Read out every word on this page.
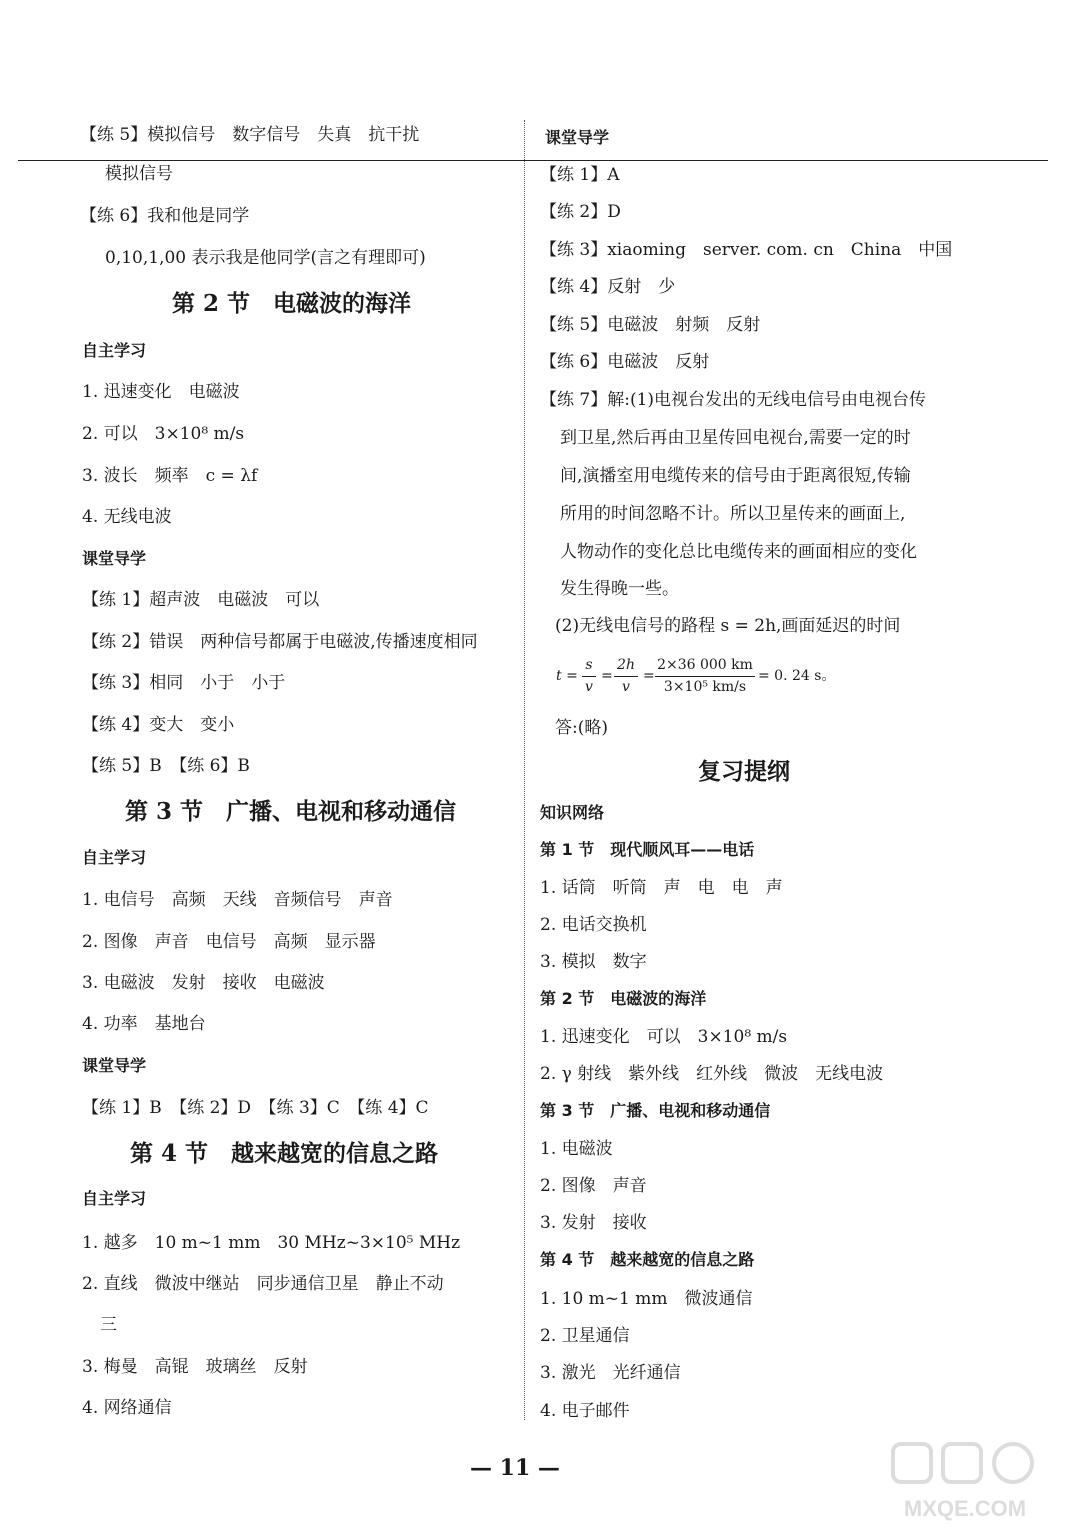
【练 5】模拟信号　数字信号　失真　抗干扰
模拟信号
【练 6】我和他是同学
0,10,1,00 表示我是他同学(言之有理即可)
第 2 节　电磁波的海洋
自主学习
1. 迅速变化　电磁波
2. 可以　3×10⁸ m/s
3. 波长　频率　c = λf
4. 无线电波
课堂导学
【练 1】超声波　电磁波　可以
【练 2】错误　两种信号都属于电磁波,传播速度相同
【练 3】相同　小于　小于
【练 4】变大　变小
【练 5】B　【练 6】B
第 3 节　广播、电视和移动通信
自主学习
1. 电信号　高频　天线　音频信号　声音
2. 图像　声音　电信号　高频　显示器
3. 电磁波　发射　接收　电磁波
4. 功率　基地台
课堂导学
【练 1】B　【练 2】D　【练 3】C　【练 4】C
第 4 节　越来越宽的信息之路
自主学习
1. 越多　10 m~1 mm　30 MHz~3×10⁵ MHz
2. 直线　微波中继站　同步通信卫星　静止不动
三
3. 梅曼　高锟　玻璃丝　反射
4. 网络通信
课堂导学
【练 1】A
【练 2】D
【练 3】xiaoming　server. com. cn　China　中国
【练 4】反射　少
【练 5】电磁波　射频　反射
【练 6】电磁波　反射
【练 7】解:(1)电视台发出的无线电信号由电视台传
到卫星,然后再由卫星传回电视台,需要一定的时
间,演播室用电缆传来的信号由于距离很短,传输
所用的时间忽略不计。所以卫星传来的画面上,
人物动作的变化总比电缆传来的画面相应的变化
发生得晚一些。
(2)无线电信号的路程 s = 2h,画面延迟的时间
t =
s
v
=
2h
v
=
2×36 000 km
3×10⁵ km/s
= 0. 24 s。
答:(略)
复习提纲
知识网络
第 1 节　现代顺风耳——电话
1. 话筒　听筒　声　电　电　声
2. 电话交换机
3. 模拟　数字
第 2 节　电磁波的海洋
1. 迅速变化　可以　3×10⁸ m/s
2. γ 射线　紫外线　红外线　微波　无线电波
第 3 节　广播、电视和移动通信
1. 电磁波
2. 图像　声音
3. 发射　接收
第 4 节　越来越宽的信息之路
1. 10 m~1 mm　微波通信
2. 卫星通信
3. 激光　光纤通信
4. 电子邮件
— 11 —
MXQE.COM
